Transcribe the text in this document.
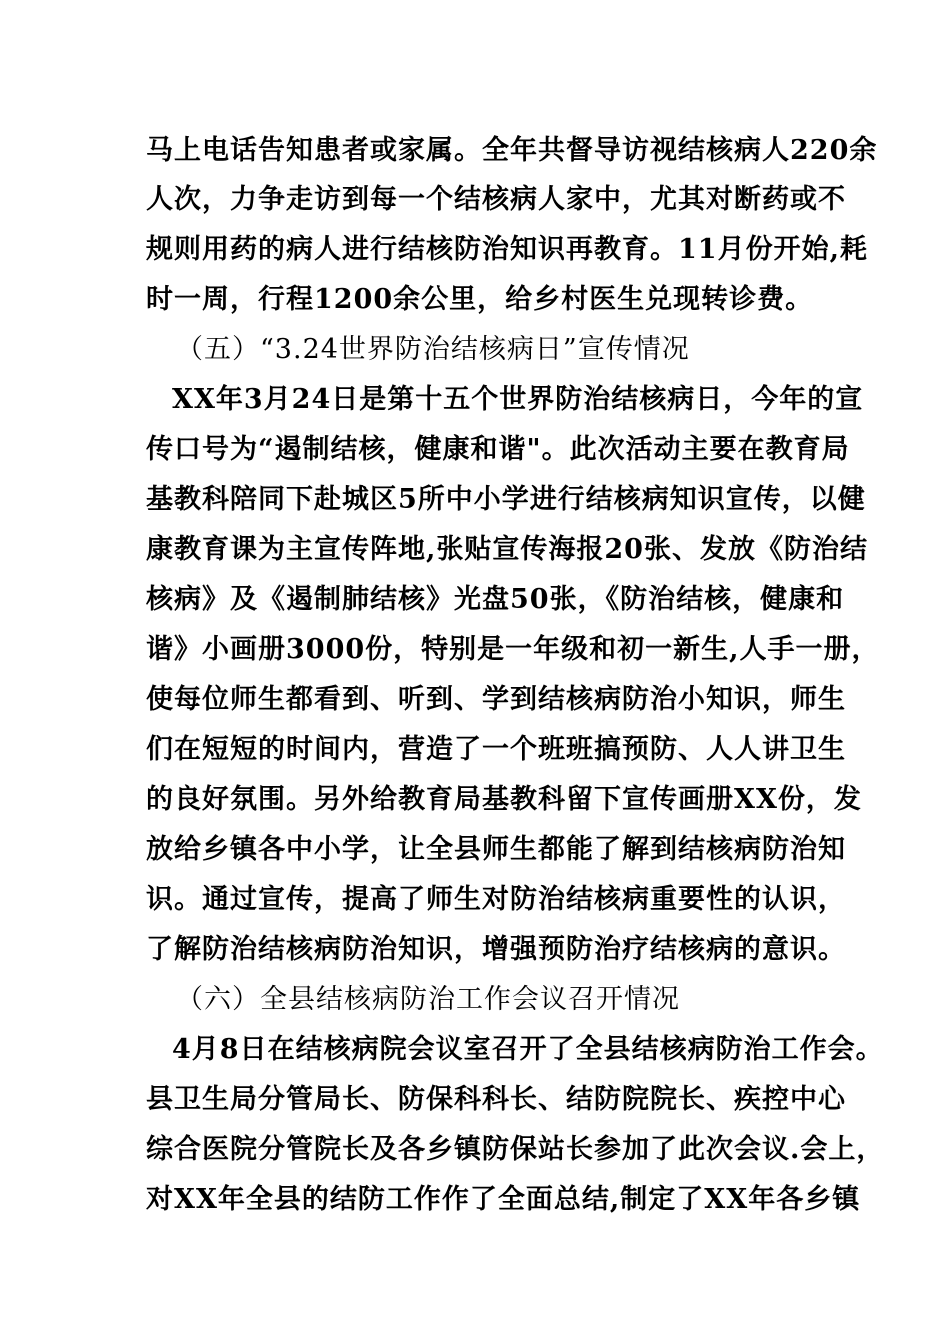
马上电话告知患者或家属。全年共督导访视结核病人220余
人次，力争走访到每一个结核病人家中，尤其对断药或不
规则用药的病人进行结核防治知识再教育。11月份开始,耗
时一周，行程1200余公里，给乡村医生兑现转诊费。
（五）“3.24世界防治结核病日”宣传情况
XX年3月24日是第十五个世界防治结核病日，今年的宣
传口号为“遏制结核，健康和谐"。此次活动主要在教育局
基教科陪同下赴城区5所中小学进行结核病知识宣传，以健
康教育课为主宣传阵地,张贴宣传海报20张、发放《防治结
核病》及《遏制肺结核》光盘50张，《防治结核，健康和
谐》小画册3000份，特别是一年级和初一新生,人手一册，
使每位师生都看到、听到、学到结核病防治小知识，师生
们在短短的时间内，营造了一个班班搞预防、人人讲卫生
的良好氛围。另外给教育局基教科留下宣传画册XX份，发
放给乡镇各中小学，让全县师生都能了解到结核病防治知
识。通过宣传，提高了师生对防治结核病重要性的认识，
了解防治结核病防治知识，增强预防治疗结核病的意识。
（六）全县结核病防治工作会议召开情况
4月8日在结核病院会议室召开了全县结核病防治工作会。
县卫生局分管局长、防保科科长、结防院院长、疾控中心
综合医院分管院长及各乡镇防保站长参加了此次会议.会上，
对XX年全县的结防工作作了全面总结,制定了XX年各乡镇
